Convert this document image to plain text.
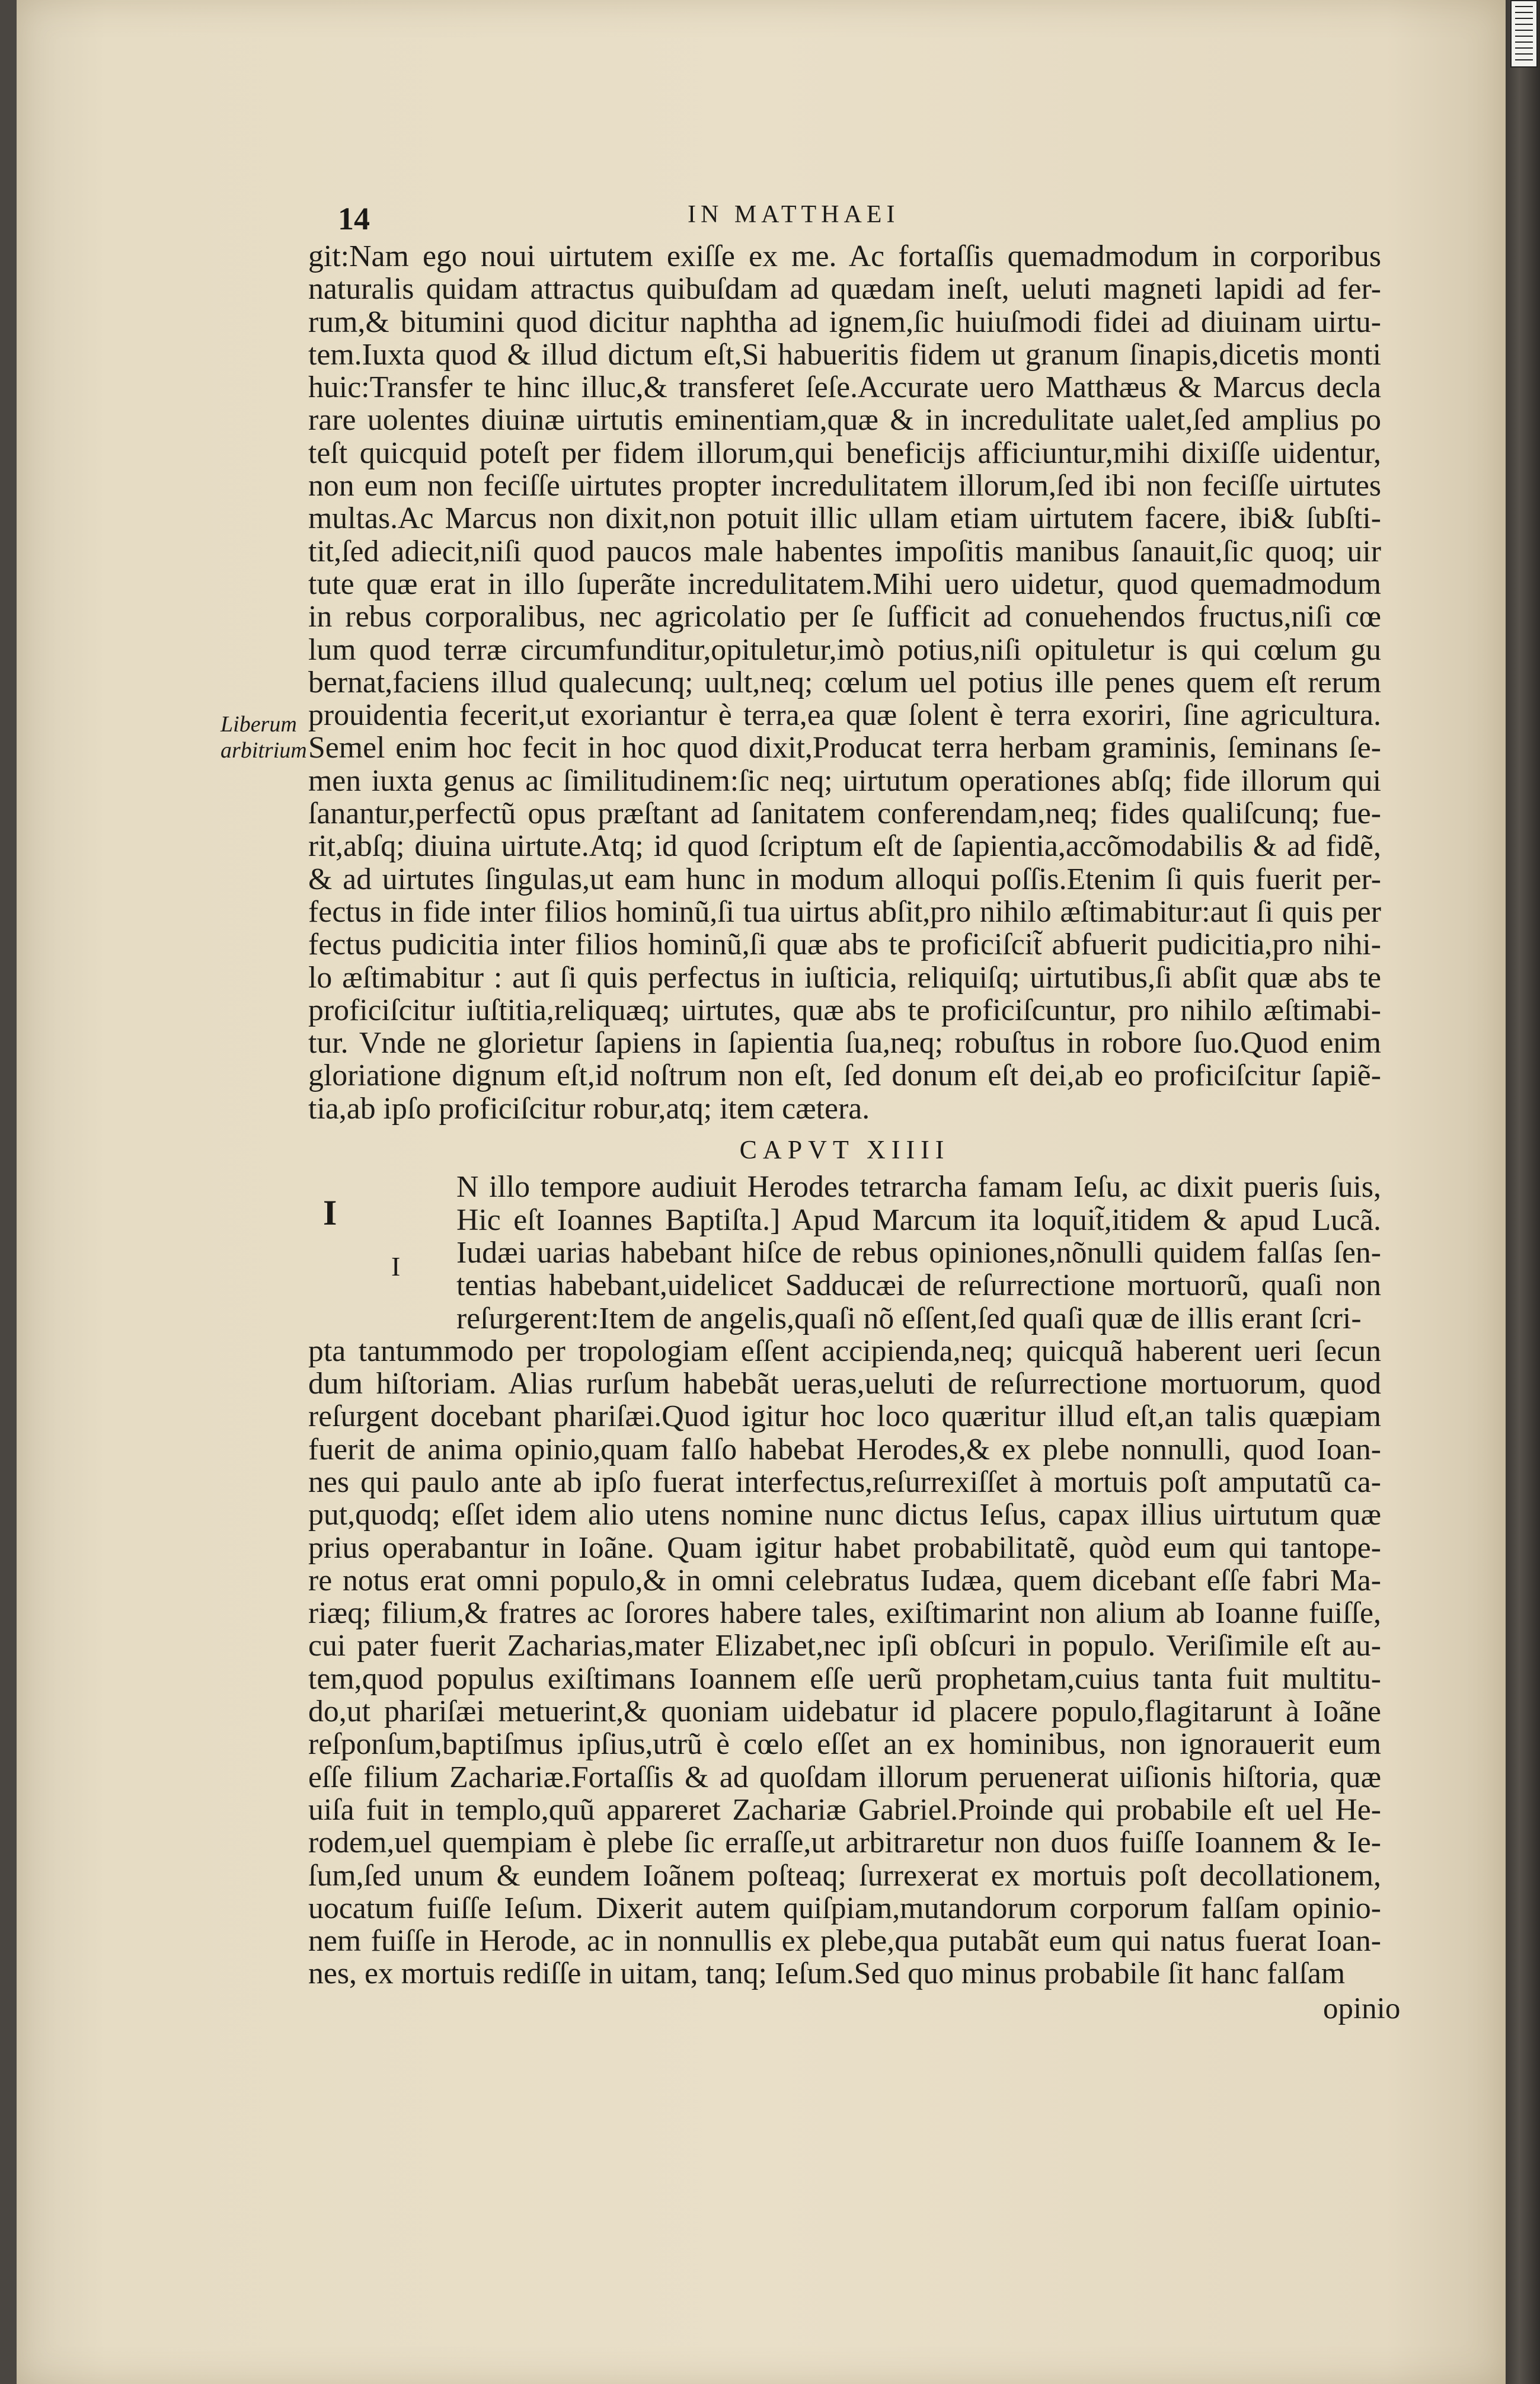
14	IN MATTHAEI
Liberum
arbitrium
git:Nam ego noui uirtutem exiſſe ex me. Ac fortaſſis quemadmodum in corporibus
naturalis quidam attractus quibuſdam ad quædam ineſt, ueluti magneti lapidi ad fer-
rum,& bitumini quod dicitur naphtha ad ignem,ſic huiuſmodi fidei ad diuinam uirtu-
tem.Iuxta quod & illud dictum eſt,Si habueritis fidem ut granum ſinapis,dicetis monti
huic:Transfer te hinc illuc,& transferet ſeſe.Accurate uero Matthæus & Marcus decla
rare uolentes diuinæ uirtutis eminentiam,quæ & in incredulitate ualet,ſed amplius po
teſt quicquid poteſt per fidem illorum,qui beneficijs afficiuntur,mihi dixiſſe uidentur,
non eum non feciſſe uirtutes propter incredulitatem illorum,ſed ibi non feciſſe uirtutes
multas.Ac Marcus non dixit,non potuit illic ullam etiam uirtutem facere, ibi& ſubſti-
tit,ſed adiecit,niſi quod paucos male habentes impoſitis manibus ſanauit,ſic quoq; uir
tute quæ erat in illo ſuperãte incredulitatem.Mihi uero uidetur, quod quemadmodum
in rebus corporalibus, nec agricolatio per ſe ſufficit ad conuehendos fructus,niſi cœ
lum quod terræ circumfunditur,opituletur,imò potius,niſi opituletur is qui cœlum gu
bernat,faciens illud qualecunq; uult,neq; cœlum uel potius ille penes quem eſt rerum
prouidentia fecerit,ut exoriantur è terra,ea quæ ſolent è terra exoriri, ſine agricultura.
Semel enim hoc fecit in hoc quod dixit,Producat terra herbam graminis, ſeminans ſe-
men iuxta genus ac ſimilitudinem:ſic neq; uirtutum operationes abſq; fide illorum qui
ſanantur,perfectũ opus præſtant ad ſanitatem conferendam,neq; fides qualiſcunq; fue-
rit,abſq; diuina uirtute.Atq; id quod ſcriptum eſt de ſapientia,accõmodabilis & ad fidẽ,
& ad uirtutes ſingulas,ut eam hunc in modum alloqui poſſis.Etenim ſi quis fuerit per-
fectus in fide inter filios hominũ,ſi tua uirtus abſit,pro nihilo æſtimabitur:aut ſi quis per
fectus pudicitia inter filios hominũ,ſi quæ abs te proficiſcit̃ abfuerit pudicitia,pro nihi-
lo æſtimabitur : aut ſi quis perfectus in iuſticia, reliquiſq; uirtutibus,ſi abſit quæ abs te
proficiſcitur iuſtitia,reliquæq; uirtutes, quæ abs te proficiſcuntur, pro nihilo æſtimabi-
tur. Vnde ne glorietur ſapiens in ſapientia ſua,neq; robuſtus in robore ſuo.Quod enim
gloriatione dignum eſt,id noſtrum non eſt, ſed donum eſt dei,ab eo proficiſcitur ſapiẽ-
tia,ab ipſo proficiſcitur robur,atq; item cætera.
CAPVT XIIII
N illo tempore audiuit Herodes tetrarcha famam Ieſu, ac dixit pueris ſuis,
Hic eſt Ioannes Baptiſta.] Apud Marcum ita loquit̃,itidem & apud Lucã.
Iudæi uarias habebant hiſce de rebus opiniones,nõnulli quidem falſas ſen-
tentias habebant,uidelicet Sadducæi de reſurrectione mortuorũ, quaſi non
reſurgerent:Item de angelis,quaſi nõ eſſent,ſed quaſi quæ de illis erant ſcri-
pta tantummodo per tropologiam eſſent accipienda,neq; quicquã haberent ueri ſecun
dum hiſtoriam. Alias rurſum habebãt ueras,ueluti de reſurrectione mortuorum, quod
reſurgent docebant phariſæi.Quod igitur hoc loco quæritur illud eſt,an talis quæpiam
fuerit de anima opinio,quam falſo habebat Herodes,& ex plebe nonnulli, quod Ioan-
nes qui paulo ante ab ipſo fuerat interfectus,reſurrexiſſet à mortuis poſt amputatũ ca-
put,quodq; eſſet idem alio utens nomine nunc dictus Ieſus, capax illius uirtutum quæ
prius operabantur in Ioãne. Quam igitur habet probabilitatẽ, quòd eum qui tantope-
re notus erat omni populo,& in omni celebratus Iudæa, quem dicebant eſſe fabri Ma-
riæq; filium,& fratres ac ſorores habere tales, exiſtimarint non alium ab Ioanne fuiſſe,
cui pater fuerit Zacharias,mater Elizabet,nec ipſi obſcuri in populo. Veriſimile eſt au-
tem,quod populus exiſtimans Ioannem eſſe uerũ prophetam,cuius tanta fuit multitu-
do,ut phariſæi metuerint,& quoniam uidebatur id placere populo,flagitarunt à Ioãne
reſponſum,baptiſmus ipſius,utrũ è cœlo eſſet an ex hominibus, non ignorauerit eum
eſſe filium Zachariæ.Fortaſſis & ad quoſdam illorum peruenerat uiſionis hiſtoria, quæ
uiſa fuit in templo,quũ appareret Zachariæ Gabriel.Proinde qui probabile eſt uel He-
rodem,uel quempiam è plebe ſic erraſſe,ut arbitraretur non duos fuiſſe Ioannem & Ie-
ſum,ſed unum & eundem Ioãnem poſteaq; ſurrexerat ex mortuis poſt decollationem,
uocatum fuiſſe Ieſum. Dixerit autem quiſpiam,mutandorum corporum falſam opinio-
nem fuiſſe in Herode, ac in nonnullis ex plebe,qua putabãt eum qui natus fuerat Ioan-
nes, ex mortuis rediſſe in uitam, tanq; Ieſum.Sed quo minus probabile ſit hanc falſam
I
I
opinio
